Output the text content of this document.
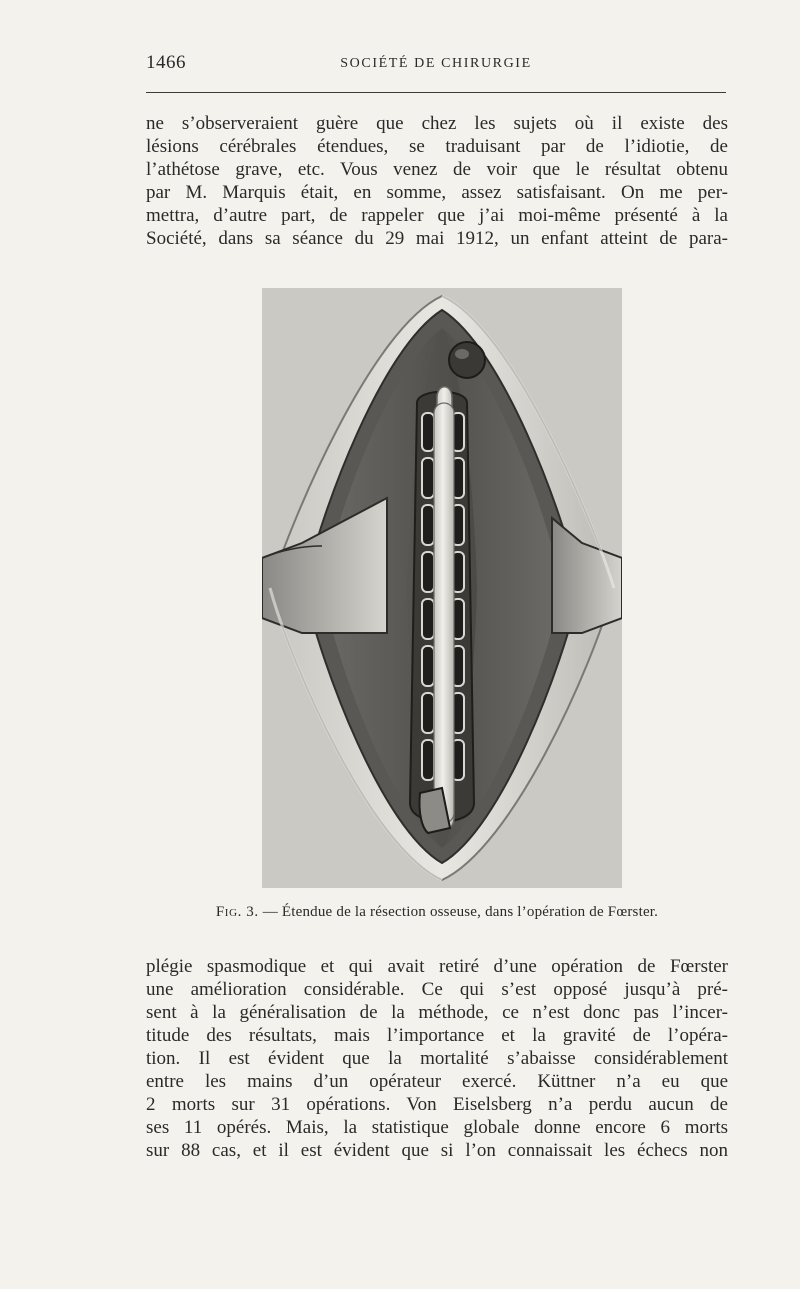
1466	SOCIÉTÉ DE CHIRURGIE
ne s’observeraient guère que chez les sujets où il existe des
lésions cérébrales étendues, se traduisant par de l’idiotie, de
l’athétose grave, etc. Vous venez de voir que le résultat obtenu
par M. Marquis était, en somme, assez satisfaisant. On me per-
mettra, d’autre part, de rappeler que j’ai moi-même présenté à la
Société, dans sa séance du 29 mai 1912, un enfant atteint de para-
Fig. 3. — Étendue de la résection osseuse, dans l’opération de Fœrster.
plégie spasmodique et qui avait retiré d’une opération de Fœrster
une amélioration considérable. Ce qui s’est opposé jusqu’à pré-
sent à la généralisation de la méthode, ce n’est donc pas l’incer-
titude des résultats, mais l’importance et la gravité de l’opéra-
tion. Il est évident que la mortalité s’abaisse considérablement
entre les mains d’un opérateur exercé. Küttner n’a eu que
2 morts sur 31 opérations. Von Eiselsberg n’a perdu aucun de
ses 11 opérés. Mais, la statistique globale donne encore 6 morts
sur 88 cas, et il est évident que si l’on connaissait les échecs non
